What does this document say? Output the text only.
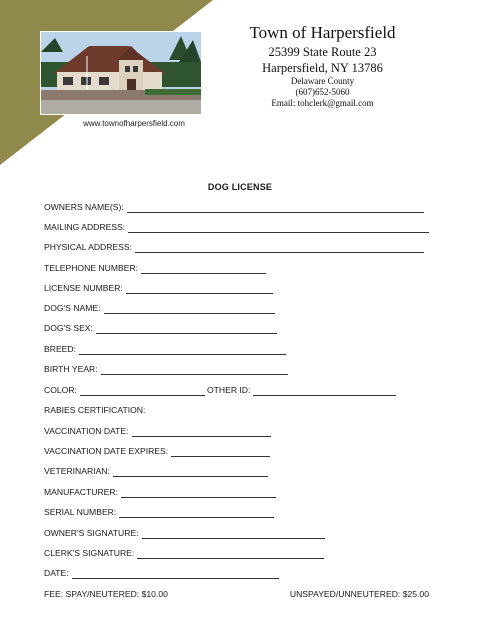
www.townofharpersfield.com
Town of Harpersfield
25399 State Route 23
Harpersfield, NY 13786
Delaware County
(607)652-5060
Email: tohclerk@gmail.com
DOG LICENSE
OWNERS NAME(S):
MAILING ADDRESS:
PHYSICAL ADDRESS:
TELEPHONE NUMBER:
LICENSE NUMBER:
DOG'S NAME:
DOG'S SEX:
BREED:
BIRTH YEAR:
COLOR:	OTHER ID:
RABIES CERTIFICATION:
VACCINATION DATE:
VACCINATION DATE EXPIRES:
VETERINARIAN:
MANUFACTURER:
SERIAL NUMBER:
OWNER'S SIGNATURE:
CLERK'S SIGNATURE:
DATE:
FEE: SPAY/NEUTERED: $10.00	UNSPAYED/UNNEUTERED: $25.00
